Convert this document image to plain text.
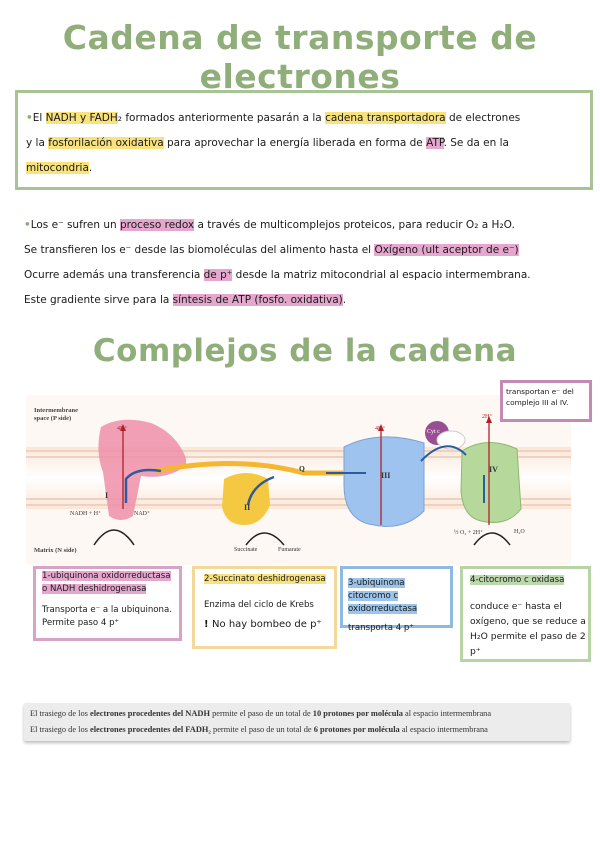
Cadena de transporte de electrones
•El NADH y FADH₂ formados anteriormente pasarán a la cadena transportadora de electrones
y la fosforilación oxidativa para aprovechar la energía liberada en forma de ATP. Se da en la
mitocondria.
•Los e⁻ sufren un proceso redox a través de multicomplejos proteicos, para reducir O₂ a H₂O.
Se transfieren los e⁻ desde las biomoléculas del alimento hasta el Oxígeno (ult aceptor de e⁻)
Ocurre además una transferencia de p⁺ desde la matriz mitocondrial al espacio intermembrana.
Este gradiente sirve para la síntesis de ATP (fosfo. oxidativa).
Complejos de la cadena
Intermembrane
space (P side)
Matrix (N side)
4H⁺	4H⁺
2H⁺
I
II
III
IV
Q
Cyt c
NADH + H⁺	NAD⁺
Succinate	Fumarate
½ O₂ + 2H⁺	H₂O
transportan e⁻ del complejo III al IV.
1-ubiquinona oxidorreductasa
o NADH deshidrogenasa
Transporta e⁻ a la ubiquinona. Permite paso 4 p⁺
2-Succinato deshidrogenasa
Enzima del ciclo de Krebs
! No hay bombeo de p⁺
3-ubiquinona citocromo c
oxidorreductasa
transporta 4 p⁺
4-citocromo c oxidasa
conduce e⁻ hasta el oxígeno, que se reduce a H₂O permite el paso de 2 p⁺
El trasiego de los electrones procedentes del NADH permite el paso de un total de 10 protones por molécula al espacio intermembrana
El trasiego de los electrones procedentes del FADH₂ permite el paso de un total de 6 protones por molécula al espacio intermembrana
